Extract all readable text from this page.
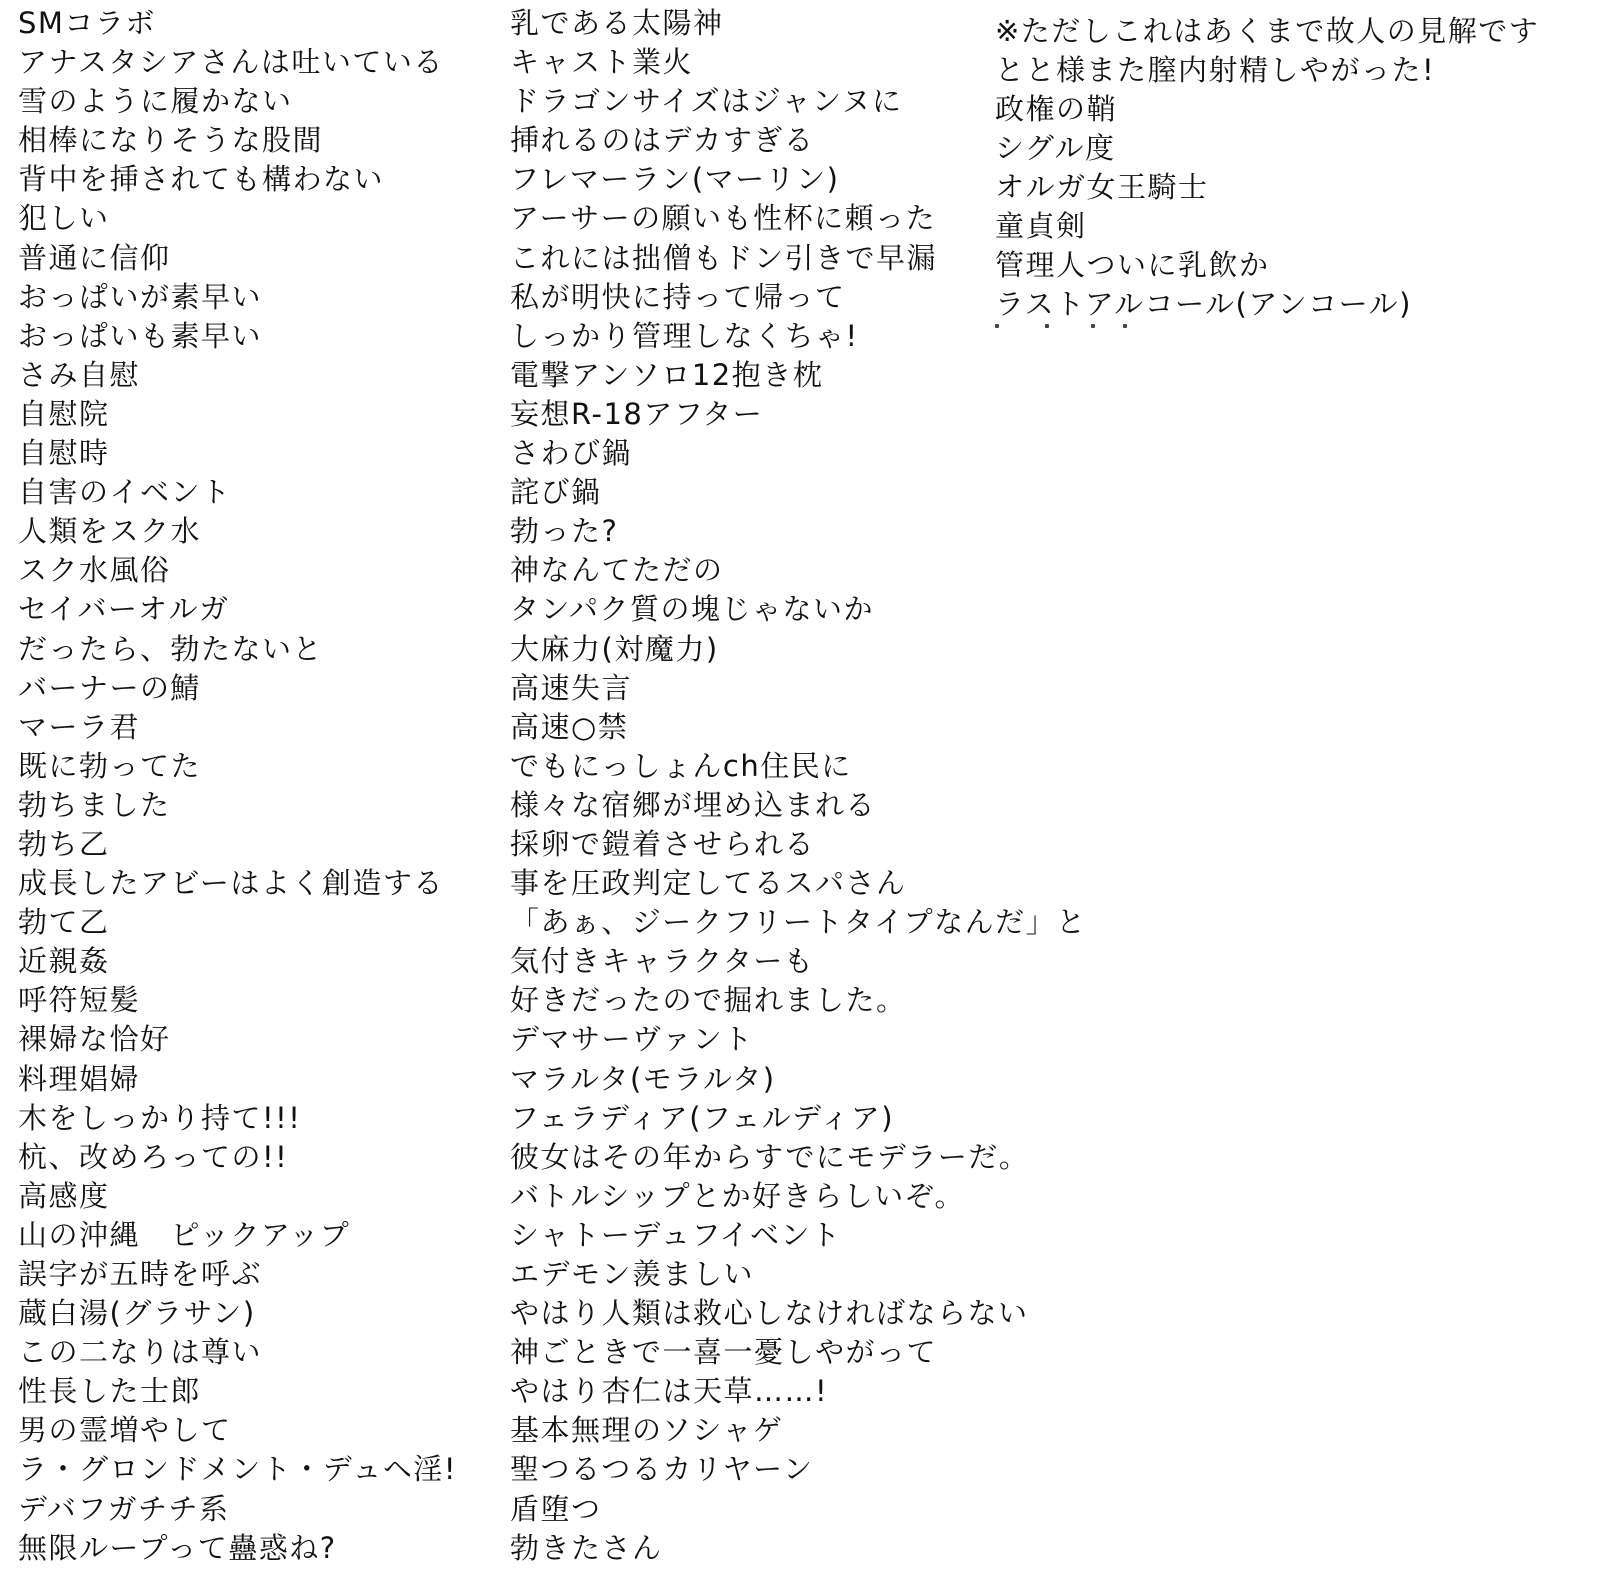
SMコラボ
アナスタシアさんは吐いている
雪のように履かない
相棒になりそうな股間
背中を挿されても構わない
犯しい
普通に信仰
おっぱいが素早い
おっぱいも素早い
さみ自慰
自慰院
自慰時
自害のイベント
人類をスク水
スク水風俗
セイバーオルガ
だったら、勃たないと
バーナーの鯖
マーラ君
既に勃ってた
勃ちました
勃ち乙
成長したアビーはよく創造する
勃て乙
近親姦
呼符短髪
裸婦な恰好
料理娼婦
木をしっかり持て!!!
杭、改めろっての!!
高感度
山の沖縄　ピックアップ
誤字が五時を呼ぶ
蔵白湯(グラサン)
この二なりは尊い
性長した士郎
男の霊増やして
ラ・グロンドメント・デュヘ淫!
デバフガチチ系
無限ループって蠱惑ね?
乳である太陽神
キャスト業火
ドラゴンサイズはジャンヌに
挿れるのはデカすぎる
フレマーラン(マーリン)
アーサーの願いも性杯に頼った
これには拙僧もドン引きで早漏
私が明快に持って帰って
しっかり管理しなくちゃ!
電撃アンソロ12抱き枕
妄想R-18アフター
さわび鍋
詫び鍋
勃った?
神なんてただの
タンパク質の塊じゃないか
大麻力(対魔力)
高速失言
高速○禁
でもにっしょんch住民に
様々な宿郷が埋め込まれる
採卵で鎧着させられる
事を圧政判定してるスパさん
「あぁ、ジークフリートタイプなんだ」と
気付きキャラクターも
好きだったので掘れました。
デマサーヴァント
マラルタ(モラルタ)
フェラディア(フェルディア)
彼女はその年からすでにモデラーだ。
バトルシップとか好きらしいぞ。
シャトーデュフイベント
エデモン羨ましい
やはり人類は救心しなければならない
神ごときで一喜一憂しやがって
やはり杏仁は天草……!
基本無理のソシャゲ
聖つるつるカリヤーン
盾堕つ
勃きたさん
※ただしこれはあくまで故人の見解です
とと様また膣内射精しやがった!
政権の鞘
シグル度
オルガ女王騎士
童貞剣
管理人ついに乳飲か
ラストアルコール(アンコール)
